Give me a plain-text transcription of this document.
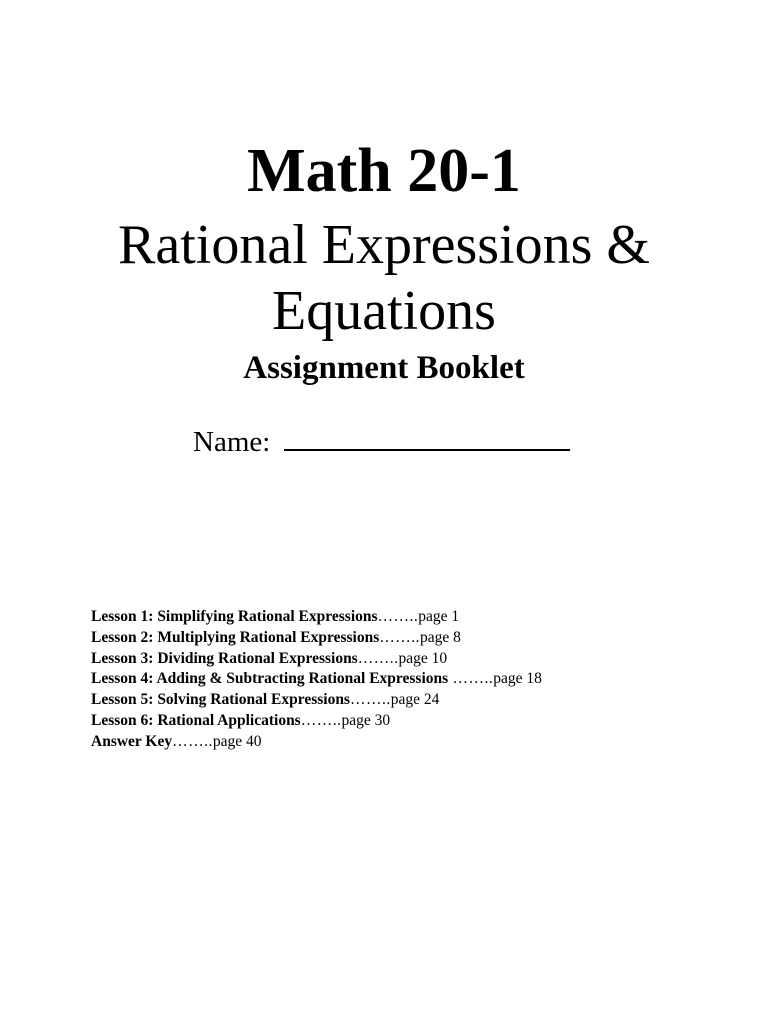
Math 20-1
Rational Expressions & Equations
Assignment Booklet
Name:
Lesson 1: Simplifying Rational Expressions……..page 1
Lesson 2: Multiplying Rational Expressions……..page 8
Lesson 3: Dividing Rational Expressions……..page 10
Lesson 4: Adding & Subtracting Rational Expressions ……..page 18
Lesson 5: Solving Rational Expressions……..page 24
Lesson 6: Rational Applications……..page 30
Answer Key……..page 40
